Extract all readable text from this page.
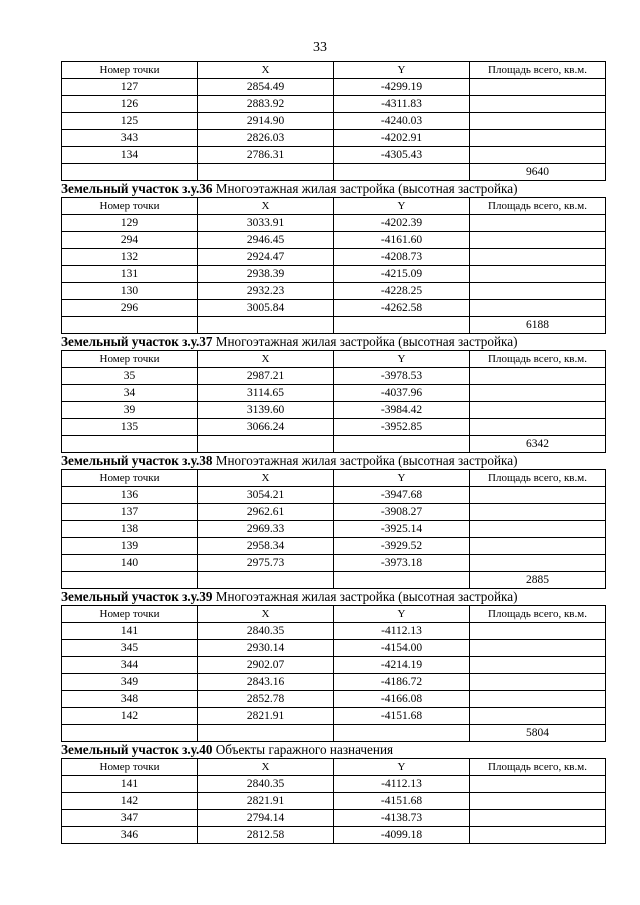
33
Номер точки	X	Y	Площадь всего, кв.м.
127	2854.49	-4299.19	
126	2883.92	-4311.83	
125	2914.90	-4240.03	
343	2826.03	-4202.91	
134	2786.31	-4305.43	
			9640
Земельный участок з.у.36 Многоэтажная жилая застройка (высотная застройка)
Номер точки	X	Y	Площадь всего, кв.м.
129	3033.91	-4202.39	
294	2946.45	-4161.60	
132	2924.47	-4208.73	
131	2938.39	-4215.09	
130	2932.23	-4228.25	
296	3005.84	-4262.58	
			6188
Земельный участок з.у.37 Многоэтажная жилая застройка (высотная застройка)
Номер точки	X	Y	Площадь всего, кв.м.
35	2987.21	-3978.53	
34	3114.65	-4037.96	
39	3139.60	-3984.42	
135	3066.24	-3952.85	
			6342
Земельный участок з.у.38 Многоэтажная жилая застройка (высотная застройка)
Номер точки	X	Y	Площадь всего, кв.м.
136	3054.21	-3947.68	
137	2962.61	-3908.27	
138	2969.33	-3925.14	
139	2958.34	-3929.52	
140	2975.73	-3973.18	
			2885
Земельный участок з.у.39 Многоэтажная жилая застройка (высотная застройка)
Номер точки	X	Y	Площадь всего, кв.м.
141	2840.35	-4112.13	
345	2930.14	-4154.00	
344	2902.07	-4214.19	
349	2843.16	-4186.72	
348	2852.78	-4166.08	
142	2821.91	-4151.68	
			5804
Земельный участок з.у.40 Объекты гаражного назначения
Номер точки	X	Y	Площадь всего, кв.м.
141	2840.35	-4112.13	
142	2821.91	-4151.68	
347	2794.14	-4138.73	
346	2812.58	-4099.18	
